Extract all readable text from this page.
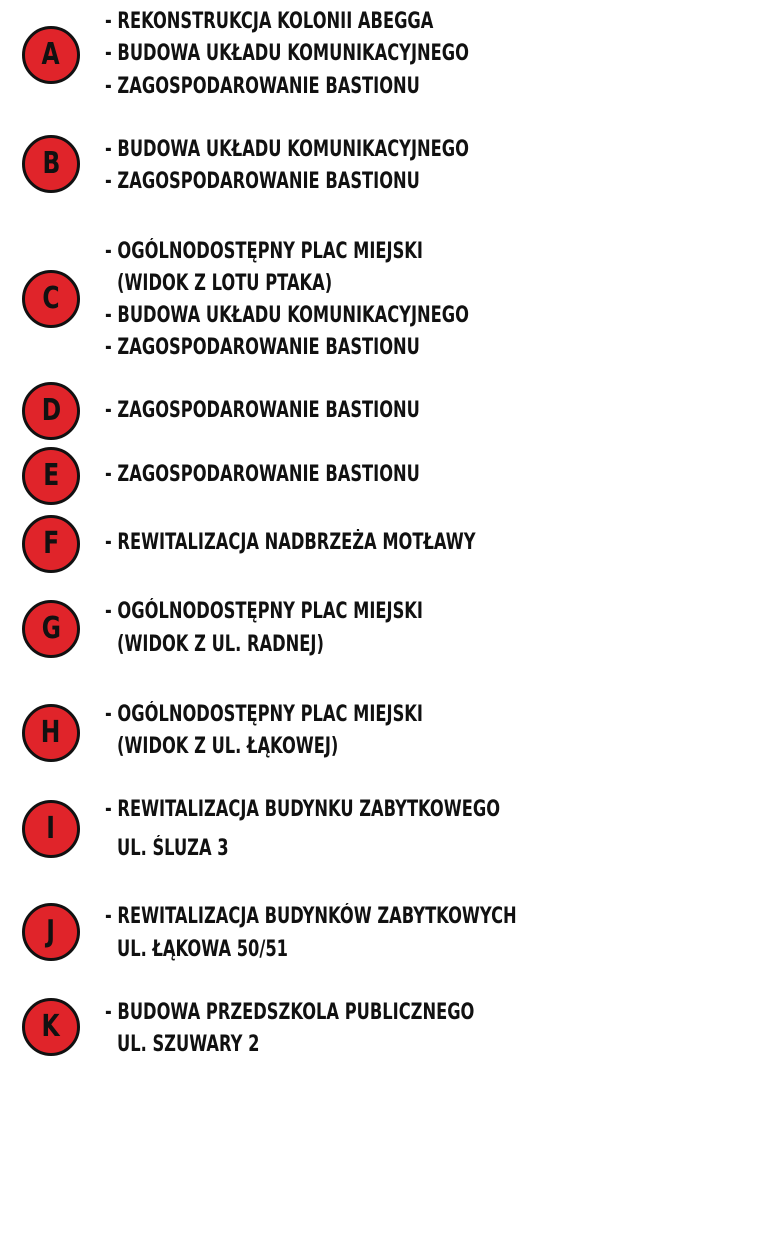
A
- REKONSTRUKCJA KOLONII ABEGGA
- BUDOWA UKŁADU KOMUNIKACYJNEGO
- ZAGOSPODAROWANIE BASTIONU
B - BUDOWA UKŁADU KOMUNIKACYJNEGO
- ZAGOSPODAROWANIE BASTIONU
C
- OGÓLNODOSTĘPNY PLAC MIEJSKI
(WIDOK Z LOTU PTAKA)
- BUDOWA UKŁADU KOMUNIKACYJNEGO
- ZAGOSPODAROWANIE BASTIONU
D - ZAGOSPODAROWANIE BASTIONU
E - ZAGOSPODAROWANIE BASTIONU
F - REWITALIZACJA NADBRZEŻA MOTŁAWY
G - OGÓLNODOSTĘPNY PLAC MIEJSKI
(WIDOK Z UL. RADNEJ)
H
- OGÓLNODOSTĘPNY PLAC MIEJSKI
(WIDOK Z UL. ŁĄKOWEJ)
I
- REWITALIZACJA BUDYNKU ZABYTKOWEGO
UL. ŚLUZA 3
J - REWITALIZACJA BUDYNKÓW ZABYTKOWYCH
UL. ŁĄKOWA 50/51
K - BUDOWA PRZEDSZKOLA PUBLICZNEGO
UL. SZUWARY 2
